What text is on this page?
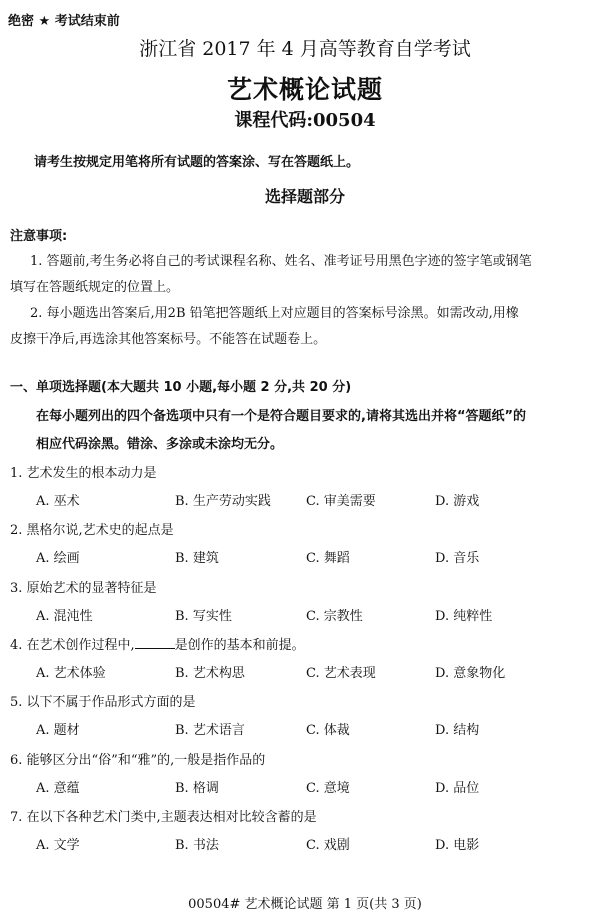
绝密 ★ 考试结束前
浙江省 2017 年 4 月高等教育自学考试
艺术概论试题
课程代码:00504
请考生按规定用笔将所有试题的答案涂、写在答题纸上。
选择题部分
注意事项:
1. 答题前,考生务必将自己的考试课程名称、姓名、准考证号用黑色字迹的签字笔或钢笔
填写在答题纸规定的位置上。
2. 每小题选出答案后,用2B 铅笔把答题纸上对应题目的答案标号涂黑。如需改动,用橡
皮擦干净后,再选涂其他答案标号。不能答在试题卷上。
一、单项选择题(本大题共 10 小题,每小题 2 分,共 20 分)
在每小题列出的四个备选项中只有一个是符合题目要求的,请将其选出并将“答题纸”的
相应代码涂黑。错涂、多涂或未涂均无分。
1. 艺术发生的根本动力是
A. 巫术	B. 生产劳动实践	C. 审美需要	D. 游戏
2. 黑格尔说,艺术史的起点是
A. 绘画	B. 建筑	C. 舞蹈	D. 音乐
3. 原始艺术的显著特征是
A. 混沌性	B. 写实性	C. 宗教性	D. 纯粹性
4. 在艺术创作过程中,	是创作的基本和前提。
A. 艺术体验	B. 艺术构思	C. 艺术表现	D. 意象物化
5. 以下不属于作品形式方面的是
A. 题材	B. 艺术语言	C. 体裁	D. 结构
6. 能够区分出“俗”和“雅”的,一般是指作品的
A. 意蕴	B. 格调	C. 意境	D. 品位
7. 在以下各种艺术门类中,主题表达相对比较含蓄的是
A. 文学	B. 书法	C. 戏剧	D. 电影
00504# 艺术概论试题 第 1 页(共 3 页)
